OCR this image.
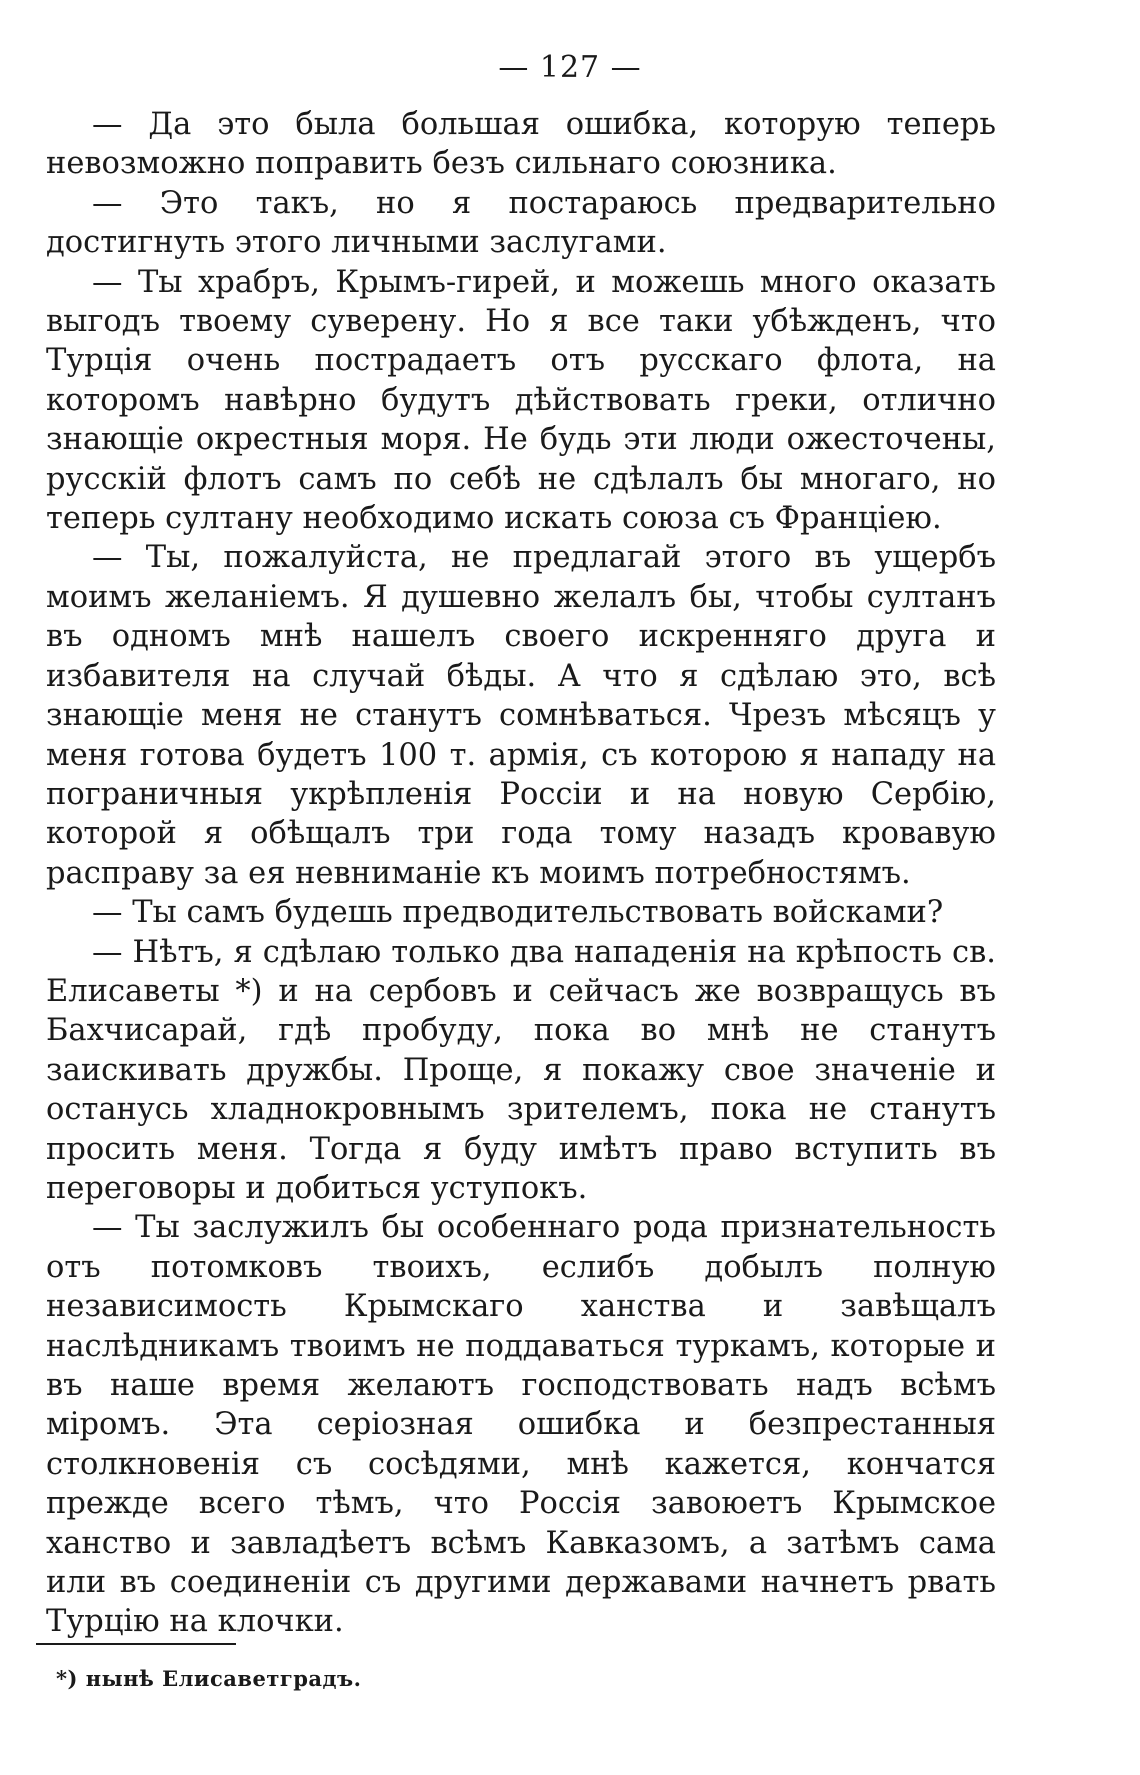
— 127 —

— Да это была большая ошибка, которую теперь невозможно поправить безъ сильнаго союзника.

— Это такъ, но я постараюсь предварительно достигнуть этого личными заслугами.

— Ты храбръ, Крымъ-гирей, и можешь много оказать выгодъ твоему суверену. Но я все таки убѣжденъ, что Турція очень пострадаетъ отъ русскаго флота, на которомъ навѣрно будутъ дѣйствовать греки, отлично знающіе окрестныя моря. Не будь эти люди ожесточены, русскій флотъ самъ по себѣ не сдѣлалъ бы многаго, но теперь султану необходимо искать союза съ Франціею.

— Ты, пожалуйста, не предлагай этого въ ущербъ моимъ желаніемъ. Я душевно желалъ бы, чтобы султанъ въ одномъ мнѣ нашелъ своего искренняго друга и избавителя на случай бѣды. А что я сдѣлаю это, всѣ знающіе меня не станутъ сомнѣваться. Чрезъ мѣсяцъ у меня готова будетъ 100 т. армія, съ которою я нападу на пограничныя укрѣпленія Россіи и на новую Сербію, которой я обѣщалъ три года тому назадъ кровавую расправу за ея невниманіе къ моимъ потребностямъ.

— Ты самъ будешь предводительствовать войсками?

— Нѣтъ, я сдѣлаю только два нападенія на крѣпость св. Елисаветы *) и на сербовъ и сейчасъ же возвращусь въ Бахчисарай, гдѣ пробуду, пока во мнѣ не станутъ заискивать дружбы. Проще, я покажу свое значеніе и останусь хладнокровнымъ зрителемъ, пока не станутъ просить меня. Тогда я буду имѣтъ право вступить въ переговоры и добиться уступокъ.

— Ты заслужилъ бы особеннаго рода признательность отъ потомковъ твоихъ, еслибъ добылъ полную независимость Крымскаго ханства и завѣщалъ наслѣдникамъ твоимъ не поддаваться туркамъ, которые и въ наше время желаютъ господствовать надъ всѣмъ міромъ. Эта серіозная ошибка и безпрестанныя столкновенія съ сосѣдями, мнѣ кажется, кончатся прежде всего тѣмъ, что Россія завоюетъ Крымское ханство и завладѣетъ всѣмъ Кавказомъ, а затѣмъ сама или въ соединеніи съ другими державами начнетъ рвать Турцію на клочки.

*) нынѣ Елисаветградъ.
